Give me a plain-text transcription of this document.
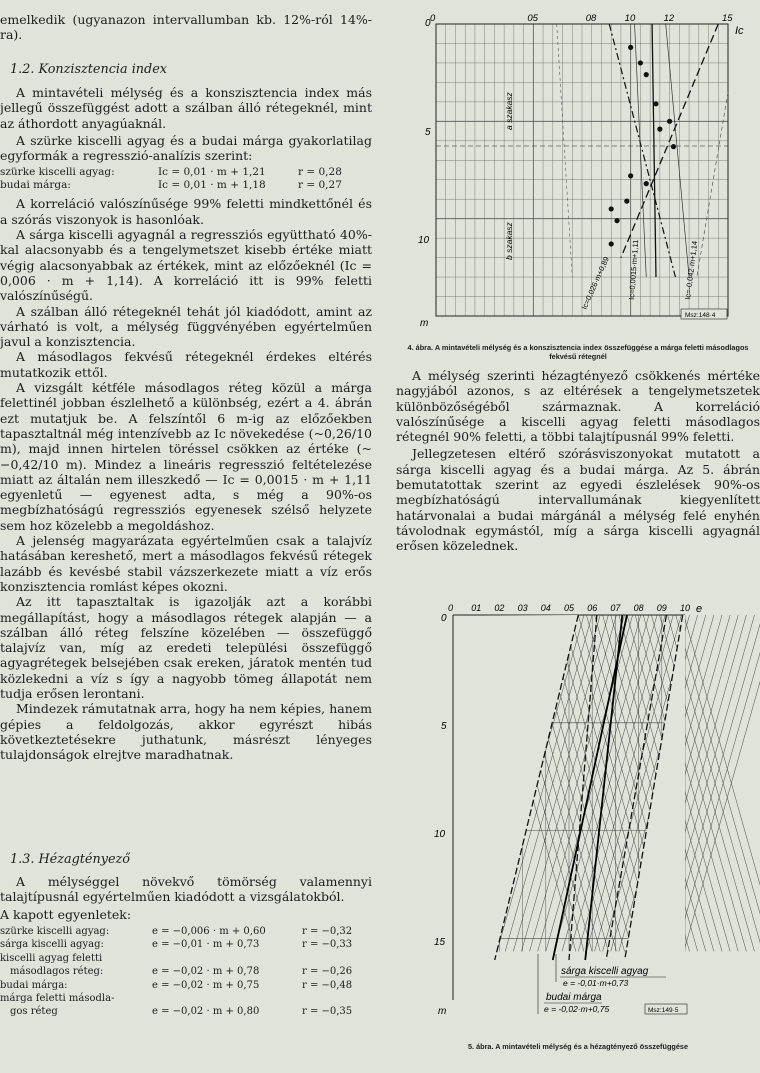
emelkedik (ugyanazon intervallumban kb. 12%-ról 14%-ra).

1.2. Konzisztencia index

A mintavételi mélység és a konszisztencia index más jellegű összefüggést adott a szálban álló rétegeknél, mint az áthordott anyagúaknál.

A szürke kiscelli agyag és a budai márga gyakorlatilag egyformák a regresszió-analízis szerint:

szürke kiscelli agyag:	Ic = 0,01 · m + 1,21	r = 0,28
budai márga:	Ic = 0,01 · m + 1,18	r = 0,27

A korreláció valószínűsége 99% feletti mindkettőnél és a szórás viszonyok is hasonlóak.

A sárga kiscelli agyagnál a regressziós együttható 40%-kal alacsonyabb és a tengelymetszet kisebb értéke miatt végig alacsonyabbak az értékek, mint az előzőeknél (Ic = 0,006 · m + 1,14). A korreláció itt is 99% feletti valószínűségű.

A szálban álló rétegeknél tehát jól kiadódott, amint az várható is volt, a mélység függvényében egyértelműen javul a konzisztencia.

A másodlagos fekvésű rétegeknél érdekes eltérés mutatkozik ettől.

A vizsgált kétféle másodlagos réteg közül a márga felettinél jobban észlelhető a különbség, ezért a 4. ábrán ezt mutatjuk be. A felszíntől 6 m-ig az előzőekben tapasztaltnál még intenzívebb az Ic növekedése (~0,26/10 m), majd innen hirtelen töréssel csökken az értéke (~ −0,42/10 m). Mindez a lineáris regresszió feltételezése miatt az általán nem illeszkedő — Ic = 0,0015 · m + 1,11 egyenletű — egyenest adta, s még a 90%-os megbízhatóságú regressziós egyenesek szélső helyzete sem hoz közelebb a megoldáshoz.

A jelenség magyarázata egyértelműen csak a talajvíz hatásában kereshető, mert a másodlagos fekvésű rétegek lazább és kevésbé stabil vázszerkezete miatt a víz erős konzisztencia romlást képes okozni.

Az itt tapasztaltak is igazolják azt a korábbi megállapítást, hogy a másodlagos rétegek alapján — a szálban álló réteg felszíne közelében — összefüggő talajvíz van, míg az eredeti települési összefüggő agyagrétegek belsejében csak ereken, járatok mentén tud közlekedni a víz s így a nagyobb tömeg állapotát nem tudja erősen lerontani.

Mindezek rámutatnak arra, hogy ha nem képies, hanem gépies a feldolgozás, akkor egyrészt hibás következtetésekre juthatunk, másrészt lényeges tulajdonságok elrejtve maradhatnak.

1.3. Hézagtényező

A mélységgel növekvő tömörség valamennyi talajtípusnál egyértelműen kiadódott a vizsgálatokból.

A kapott egyenletek:

szürke kiscelli agyag:	e = −0,006 · m + 0,60	r = −0,32
sárga kiscelli agyag:	e = −0,01 · m + 0,73	r = −0,33
kiscelli agyag feletti
másodlagos réteg:	e = −0,02 · m + 0,78	r = −0,26
budai márga:	e = −0,02 · m + 0,75	r = −0,48
márga feletti másodla-
gos réteg	e = −0,02 · m + 0,80	r = −0,35
0	05	08	10	12	15
Ic
0
5
10
m
a szakasz
b szakasz
Ic=0,026·m+0,89 Ic=0,0015·m+1,11	Ic=-0,042·m+1,14
Msz:148·4
4. ábra. A mintavételi mélység és a konszisztencia index összefüggése a márga feletti másodlagos fekvésű rétegnél

A mélység szerinti hézagtényező csökkenés mértéke nagyjából azonos, s az eltérések a tengelymetszetek különbözőségéből származnak. A korreláció valószínűsége a kiscelli agyag feletti másodlagos rétegnél 90% feletti, a többi talajtípusnál 99% feletti.

Jellegzetesen eltérő szórásviszonyokat mutatott a sárga kiscelli agyag és a budai márga. Az 5. ábrán bemutatottak szerint az egyedi észlelések 90%-os megbízhatóságú intervallumának kiegyenlített határvonalai a budai márgánál a mélység felé enyhén távolodnak egymástól, míg a sárga kiscelli agyagnál erősen közelednek.

0 01 02 03 04 05 06 07 08 09 10 e
0
5
10
15
m
sárga kiscelli agyag
e = -0,01·m+0,73
budai márga
e = -0,02·m+0,75	Msz:149·5
5. ábra. A mintavételi mélység és a hézagtényező összefüggése
